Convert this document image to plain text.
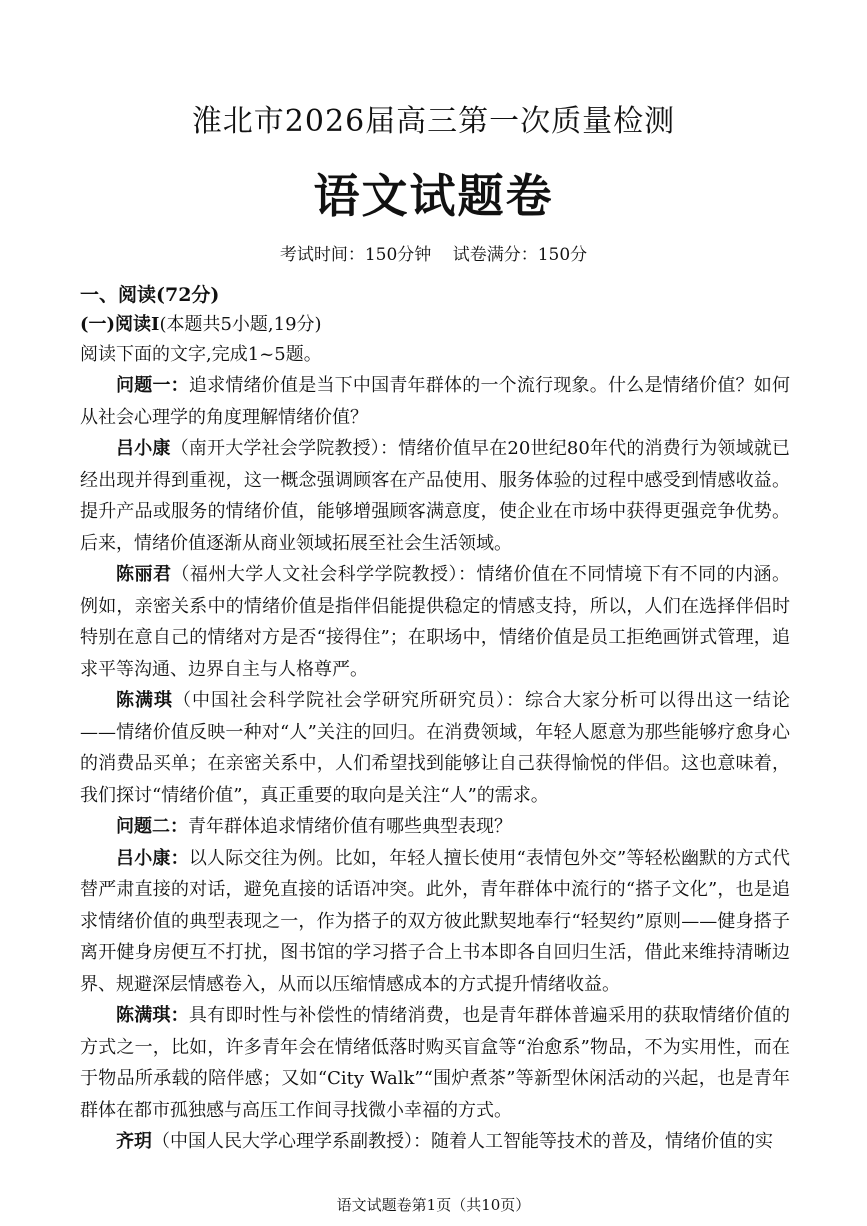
淮北市2026届高三第一次质量检测
语文试题卷
考试时间：150分钟 试卷满分：150分

一、阅读(72分)

(一)阅读Ⅰ(本题共5小题,19分)

阅读下面的文字,完成1~5题。

问题一：追求情绪价值是当下中国青年群体的一个流行现象。什么是情绪价值？如何从社会心理学的角度理解情绪价值？

吕小康（南开大学社会学院教授）：情绪价值早在20世纪80年代的消费行为领域就已经出现并得到重视，这一概念强调顾客在产品使用、服务体验的过程中感受到情感收益。提升产品或服务的情绪价值，能够增强顾客满意度，使企业在市场中获得更强竞争优势。后来，情绪价值逐渐从商业领域拓展至社会生活领域。

陈丽君（福州大学人文社会科学学院教授）：情绪价值在不同情境下有不同的内涵。例如，亲密关系中的情绪价值是指伴侣能提供稳定的情感支持，所以，人们在选择伴侣时特别在意自己的情绪对方是否“接得住”；在职场中，情绪价值是员工拒绝画饼式管理，追求平等沟通、边界自主与人格尊严。

陈满琪（中国社会科学院社会学研究所研究员）：综合大家分析可以得出这一结论——情绪价值反映一种对“人”关注的回归。在消费领域，年轻人愿意为那些能够疗愈身心的消费品买单；在亲密关系中，人们希望找到能够让自己获得愉悦的伴侣。这也意味着，我们探讨“情绪价值”，真正重要的取向是关注“人”的需求。

问题二：青年群体追求情绪价值有哪些典型表现？

吕小康：以人际交往为例。比如，年轻人擅长使用“表情包外交”等轻松幽默的方式代替严肃直接的对话，避免直接的话语冲突。此外，青年群体中流行的“搭子文化”，也是追求情绪价值的典型表现之一，作为搭子的双方彼此默契地奉行“轻契约”原则——健身搭子离开健身房便互不打扰，图书馆的学习搭子合上书本即各自回归生活，借此来维持清晰边界、规避深层情感卷入，从而以压缩情感成本的方式提升情绪收益。

陈满琪：具有即时性与补偿性的情绪消费，也是青年群体普遍采用的获取情绪价值的方式之一，比如，许多青年会在情绪低落时购买盲盒等“治愈系”物品，不为实用性，而在于物品所承载的陪伴感；又如“City Walk”“围炉煮茶”等新型休闲活动的兴起，也是青年群体在都市孤独感与高压工作间寻找微小幸福的方式。

齐玥（中国人民大学心理学系副教授）：随着人工智能等技术的普及，情绪价值的实

语文试题卷第1页（共10页）
